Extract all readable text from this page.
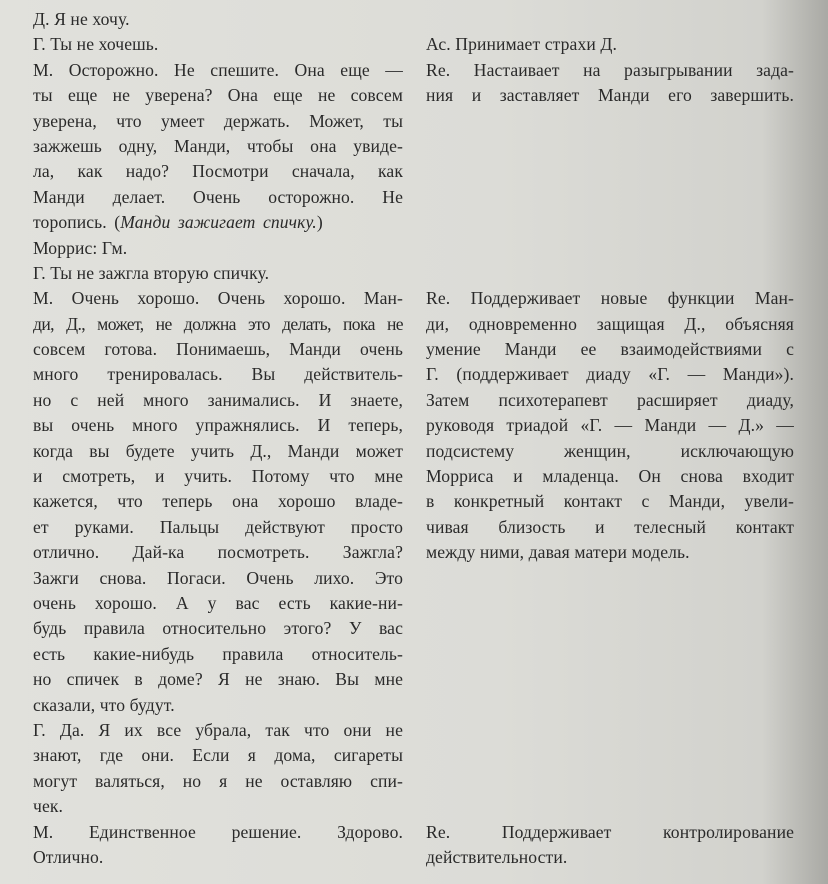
Д. Я не хочу.
Г. Ты не хочешь.
М. Осторожно. Не спешите. Она еще —
ты еще не уверена? Она еще не совсем
уверена, что умеет держать. Может, ты
зажжешь одну, Манди, чтобы она увиде-
ла, как надо? Посмотри сначала, как
Манди делает. Очень осторожно. Не
торопись. (Манди зажигает спичку.)
Моррис: Гм.
Г. Ты не зажгла вторую спичку.
М. Очень хорошо. Очень хорошо. Ман-
ди, Д., может, не должна это делать, пока не
совсем готова. Понимаешь, Манди очень
много тренировалась. Вы действитель-
но с ней много занимались. И знаете,
вы очень много упражнялись. И теперь,
когда вы будете учить Д., Манди может
и смотреть, и учить. Потому что мне
кажется, что теперь она хорошо владе-
ет руками. Пальцы действуют просто
отлично. Дай-ка посмотреть. Зажгла?
Зажги снова. Погаси. Очень лихо. Это
очень хорошо. А у вас есть какие-ни-
будь правила относительно этого? У вас
есть какие-нибудь правила относитель-
но спичек в доме? Я не знаю. Вы мне
сказали, что будут.
Г. Да. Я их все убрала, так что они не
знают, где они. Если я дома, сигареты
могут валяться, но я не оставляю спи-
чек.
М. Единственное решение. Здорово.
Отлично.
Ас. Принимает страхи Д.
Re. Настаивает на разыгрывании зада-
ния и заставляет Манди его завершить.
Re. Поддерживает новые функции Ман-
ди, одновременно защищая Д., объясняя
умение Манди ее взаимодействиями с
Г. (поддерживает диаду «Г. — Манди»).
Затем психотерапевт расширяет диаду,
руководя триадой «Г. — Манди — Д.» —
подсистему женщин, исключающую
Морриса и младенца. Он снова входит
в конкретный контакт с Манди, увели-
чивая близость и телесный контакт
между ними, давая матери модель.
Re. Поддерживает контролирование
действительности.
